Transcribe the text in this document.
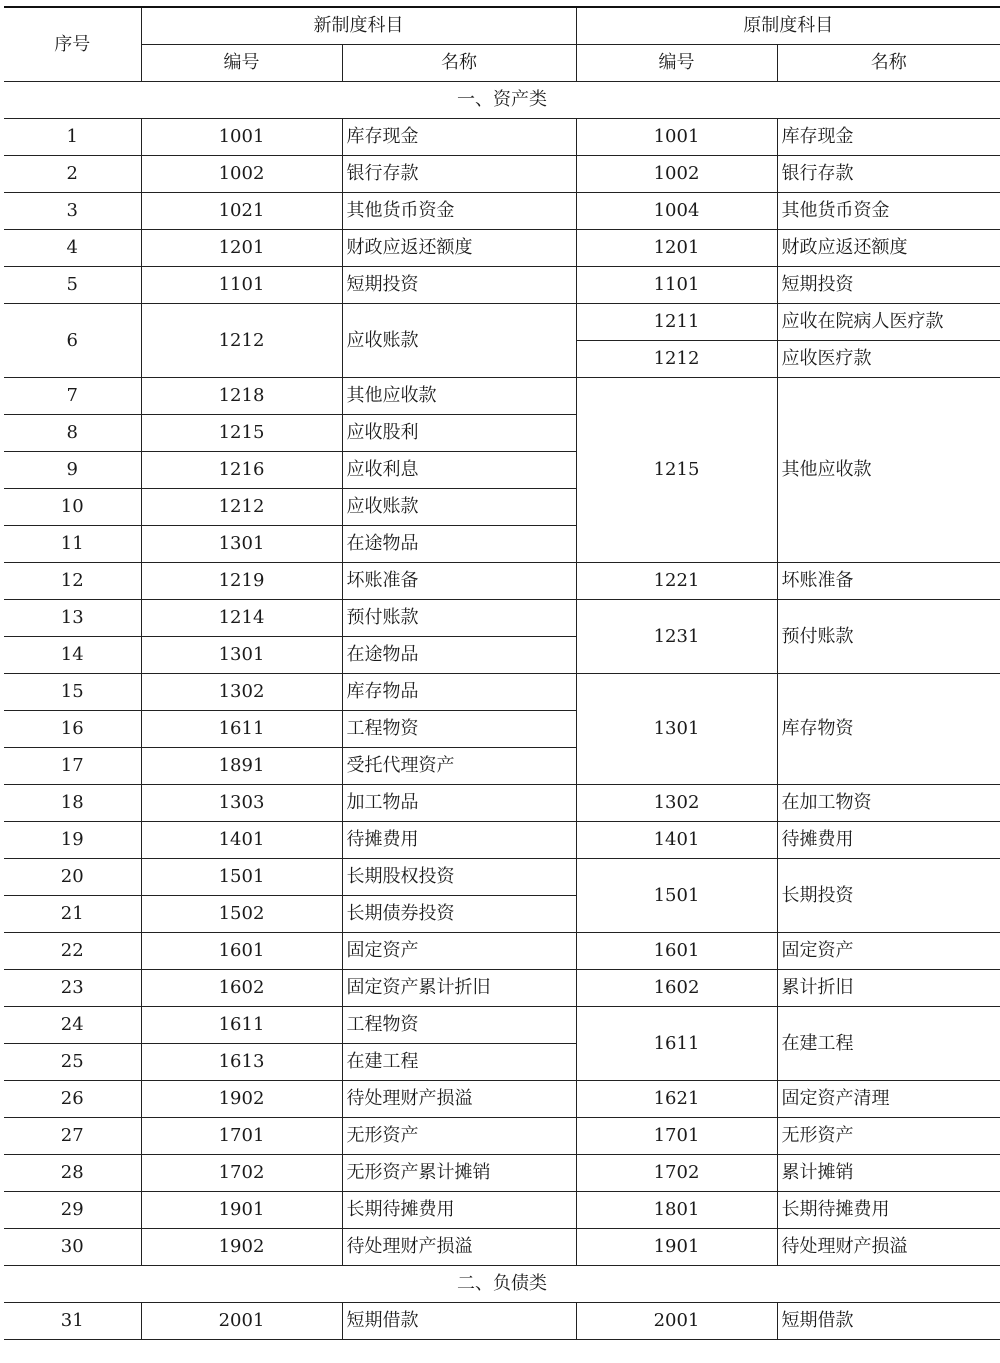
序号	新制度科目		原制度科目	
	编号	名称	编号	名称
一、资产类				
1	1001	库存现金	1001	库存现金
2	1002	银行存款	1002	银行存款
3	1021	其他货币资金	1004	其他货币资金
4	1201	财政应返还额度	1201	财政应返还额度
5	1101	短期投资	1101	短期投资
6	1212	应收账款	1211	应收在院病人医疗款
			1212	应收医疗款
7	1218	其他应收款	1215	其他应收款
8	1215	应收股利		
9	1216	应收利息		
10	1212	应收账款		
11	1301	在途物品		
12	1219	坏账准备	1221	坏账准备
13	1214	预付账款	1231	预付账款
14	1301	在途物品		
15	1302	库存物品	1301	库存物资
16	1611	工程物资		
17	1891	受托代理资产		
18	1303	加工物品	1302	在加工物资
19	1401	待摊费用	1401	待摊费用
20	1501	长期股权投资	1501	长期投资
21	1502	长期债券投资		
22	1601	固定资产	1601	固定资产
23	1602	固定资产累计折旧	1602	累计折旧
24	1611	工程物资	1611	在建工程
25	1613	在建工程		
26	1902	待处理财产损溢	1621	固定资产清理
27	1701	无形资产	1701	无形资产
28	1702	无形资产累计摊销	1702	累计摊销
29	1901	长期待摊费用	1801	长期待摊费用
30	1902	待处理财产损溢	1901	待处理财产损溢
二、负债类				
31	2001	短期借款	2001	短期借款
